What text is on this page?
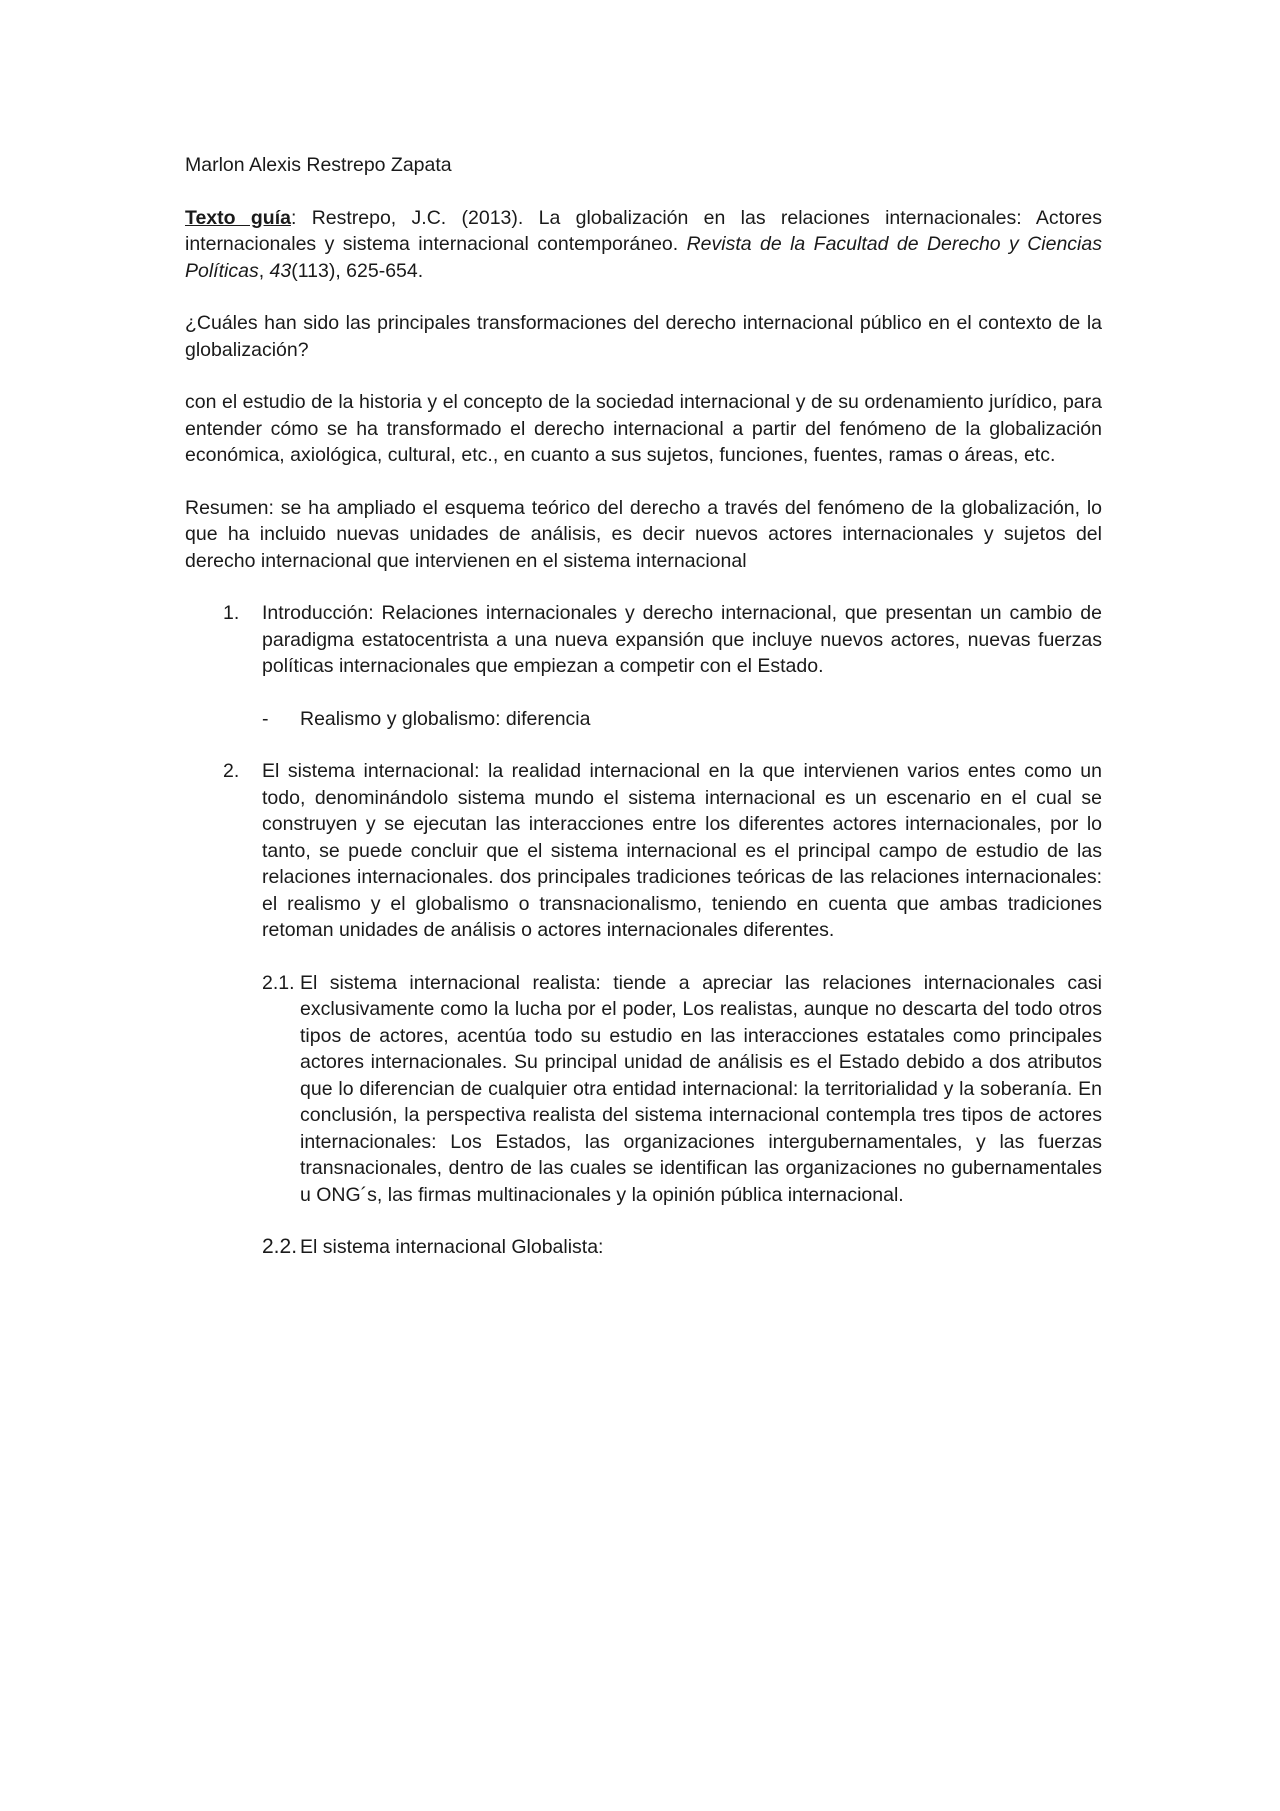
Marlon Alexis Restrepo Zapata

Texto guía: Restrepo, J.C. (2013). La globalización en las relaciones internacionales: Actores internacionales y sistema internacional contemporáneo. Revista de la Facultad de Derecho y Ciencias Políticas, 43(113), 625-654.

¿Cuáles han sido las principales transformaciones del derecho internacional público en el contexto de la globalización?

con el estudio de la historia y el concepto de la sociedad internacional y de su ordenamiento jurídico, para entender cómo se ha transformado el derecho internacional a partir del fenómeno de la globalización económica, axiológica, cultural, etc., en cuanto a sus sujetos, funciones, fuentes, ramas o áreas, etc.

Resumen: se ha ampliado el esquema teórico del derecho a través del fenómeno de la globalización, lo que ha incluido nuevas unidades de análisis, es decir nuevos actores internacionales y sujetos del derecho internacional que intervienen en el sistema internacional

1. Introducción: Relaciones internacionales y derecho internacional, que presentan un cambio de paradigma estatocentrista a una nueva expansión que incluye nuevos actores, nuevas fuerzas políticas internacionales que empiezan a competir con el Estado.

- Realismo y globalismo: diferencia

2. El sistema internacional: la realidad internacional en la que intervienen varios entes como un todo, denominándolo sistema mundo el sistema internacional es un escenario en el cual se construyen y se ejecutan las interacciones entre los diferentes actores internacionales, por lo tanto, se puede concluir que el sistema internacional es el principal campo de estudio de las relaciones internacionales. dos principales tradiciones teóricas de las relaciones internacionales: el realismo y el globalismo o transnacionalismo, teniendo en cuenta que ambas tradiciones retoman unidades de análisis o actores internacionales diferentes.

2.1. El sistema internacional realista: tiende a apreciar las relaciones internacionales casi exclusivamente como la lucha por el poder, Los realistas, aunque no descarta del todo otros tipos de actores, acentúa todo su estudio en las interacciones estatales como principales actores internacionales. Su principal unidad de análisis es el Estado debido a dos atributos que lo diferencian de cualquier otra entidad internacional: la territorialidad y la soberanía. En conclusión, la perspectiva realista del sistema internacional contempla tres tipos de actores internacionales: Los Estados, las organizaciones intergubernamentales, y las fuerzas transnacionales, dentro de las cuales se identifican las organizaciones no gubernamentales u ONG´s, las firmas multinacionales y la opinión pública internacional.

2.2. El sistema internacional Globalista:
